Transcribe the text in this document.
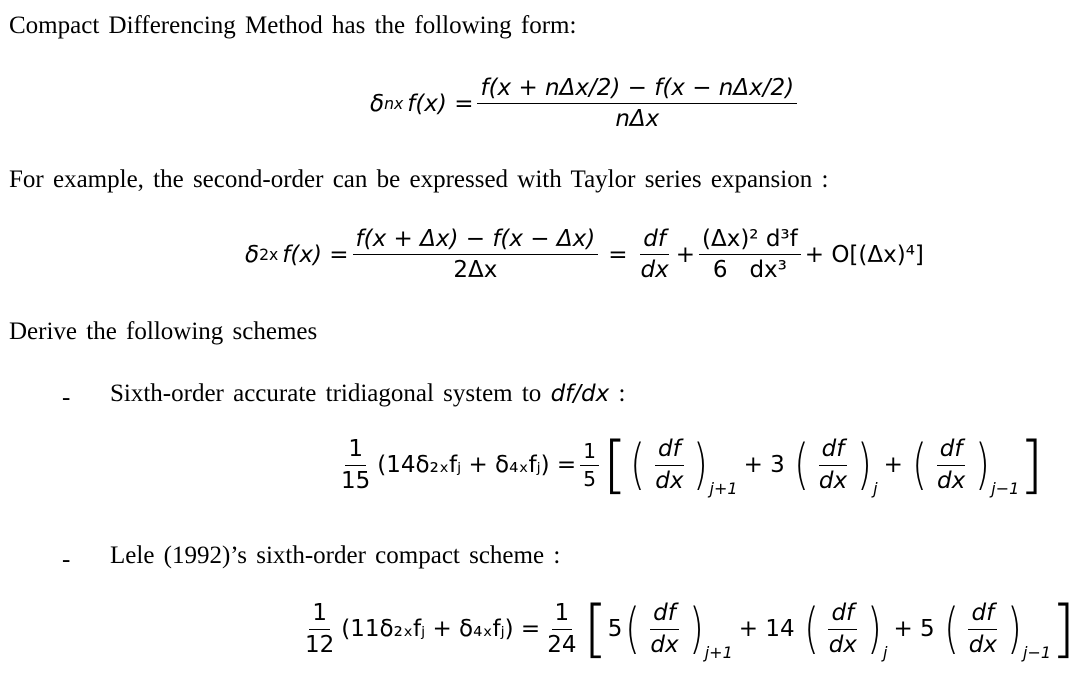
Compact Differencing Method has the following form:
δ nx $f(x) = \frac{\text{f(x + nΔx/2) − f(x − nΔx/2)}}{\text{nΔx}}$
For example, the second-order can be expressed with Taylor series expansion :
δ 2x $f(x) = \frac{f(x + \Delta x) - f(x - \Delta x)}{2\Delta x} = \frac{df}{dx} + \frac{\text{(Δx)² d³f}}{\text{6   dx³}} + O[(\Delta x)^4]$
Derive the following schemes
- Sixth-order accurate tridiagonal system to df/dx :
$\frac{1}{15}$ (14δ₂ₓfⱼ + δ₄ₓfⱼ) = $\frac{1}{5}$ [ ( $\frac{df}{dx}$ ) j+1
+ 3 ( $\frac{df}{dx}$ ) j
+ ( $\frac{df}{dx}$ ) j−1 ]
- Lele (1992)’s sixth-order compact scheme :
$\frac{1}{12}$ (11δ₂ₓfⱼ + δ₄ₓfⱼ) = $\frac{1}{24}$ [ 5 ( $\frac{df}{dx}$ ) j+1
+ 14 ( $\frac{df}{dx}$ ) j
+ 5 ( $\frac{df}{dx}$ ) j−1 ]
